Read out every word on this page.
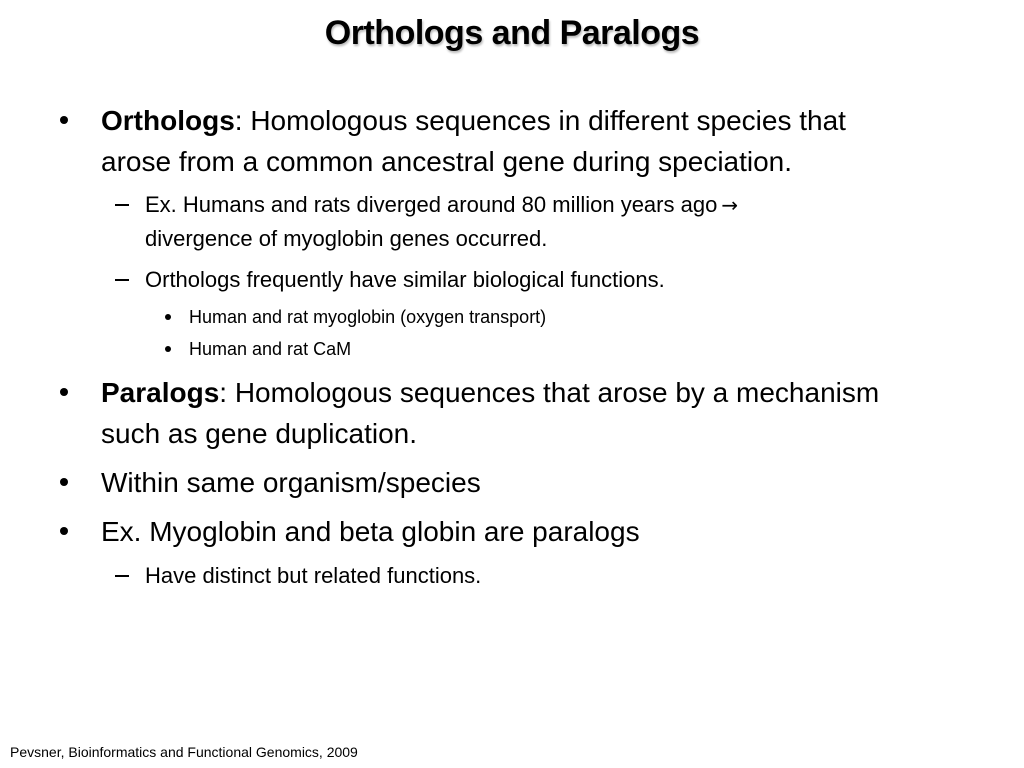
Orthologs and Paralogs
Orthologs: Homologous sequences in different species that
arose from a common ancestral gene during speciation.
Ex. Humans and rats diverged around 80 million years ago →
divergence of myoglobin genes occurred.
Orthologs frequently have similar biological functions.
Human and rat myoglobin (oxygen transport)
Human and rat CaM
Paralogs: Homologous sequences that arose by a mechanism
such as gene duplication.
Within same organism/species
Ex. Myoglobin and beta globin are paralogs
Have distinct but related functions.
Pevsner, Bioinformatics and Functional Genomics, 2009
